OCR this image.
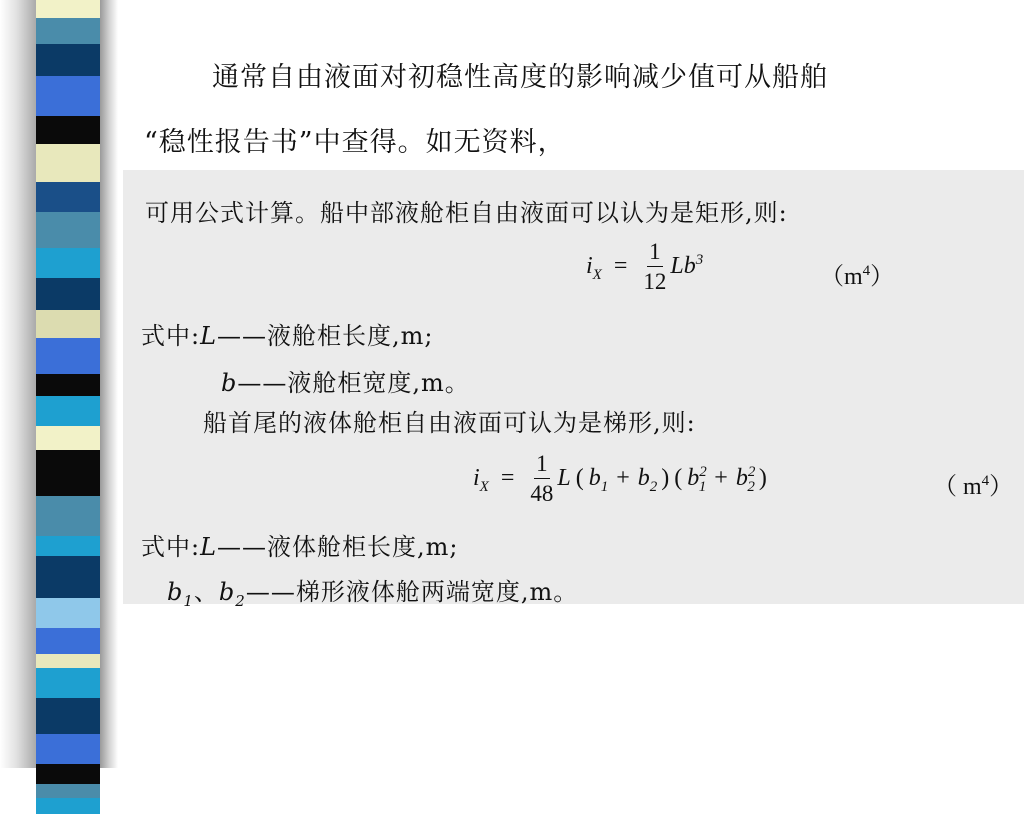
通常自由液面对初稳性高度的影响减少值可从船舶
“稳性报告书”中查得。如无资料，
可用公式计算。船中部液舱柜自由液面可以认为是矩形,则:
$i_X = \frac{1}{12}$ L $b^3$
$(m^4)$
式中:L——液舱柜长度,m;
b——液舱柜宽度,m。
船首尾的液体舱柜自由液面可认为是梯形,则:
$i_X = \frac{1}{48}$ L ( $b_1 + b_2$ ) ( $b^2_1 + b^2_2$ )	（ $m^4$）
式中:L——液体舱柜长度,m;
$b_1$、$b_2——$梯形液体舱两端宽度,m。
